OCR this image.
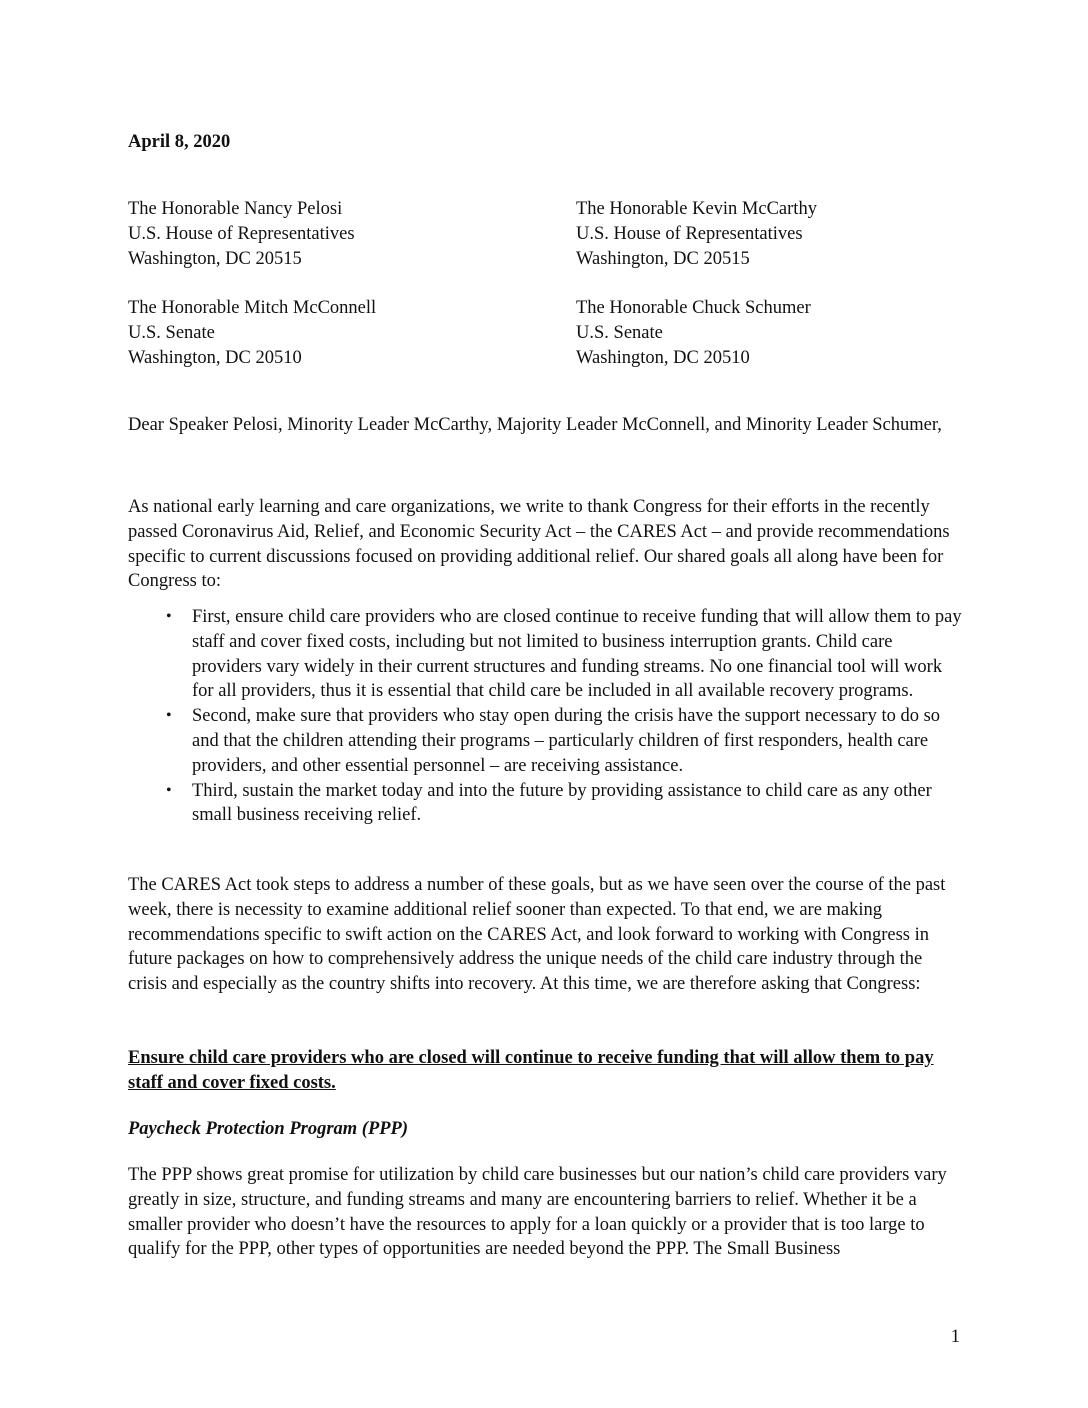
April 8, 2020
The Honorable Nancy Pelosi
U.S. House of Representatives
Washington, DC 20515
The Honorable Kevin McCarthy
U.S. House of Representatives
Washington, DC 20515
The Honorable Mitch McConnell
U.S. Senate
Washington, DC 20510
The Honorable Chuck Schumer
U.S. Senate
Washington, DC 20510
Dear Speaker Pelosi, Minority Leader McCarthy, Majority Leader McConnell, and Minority Leader Schumer,
As national early learning and care organizations, we write to thank Congress for their efforts in the recently passed Coronavirus Aid, Relief, and Economic Security Act – the CARES Act – and provide recommendations specific to current discussions focused on providing additional relief. Our shared goals all along have been for Congress to:
• First, ensure child care providers who are closed continue to receive funding that will allow them to pay staff and cover fixed costs, including but not limited to business interruption grants. Child care providers vary widely in their current structures and funding streams. No one financial tool will work for all providers, thus it is essential that child care be included in all available recovery programs.
• Second, make sure that providers who stay open during the crisis have the support necessary to do so and that the children attending their programs – particularly children of first responders, health care providers, and other essential personnel – are receiving assistance.
• Third, sustain the market today and into the future by providing assistance to child care as any other small business receiving relief.
The CARES Act took steps to address a number of these goals, but as we have seen over the course of the past week, there is necessity to examine additional relief sooner than expected. To that end, we are making recommendations specific to swift action on the CARES Act, and look forward to working with Congress in future packages on how to comprehensively address the unique needs of the child care industry through the crisis and especially as the country shifts into recovery. At this time, we are therefore asking that Congress:
Ensure child care providers who are closed will continue to receive funding that will allow them to pay staff and cover fixed costs.
Paycheck Protection Program (PPP)
The PPP shows great promise for utilization by child care businesses but our nation’s child care providers vary greatly in size, structure, and funding streams and many are encountering barriers to relief. Whether it be a smaller provider who doesn’t have the resources to apply for a loan quickly or a provider that is too large to qualify for the PPP, other types of opportunities are needed beyond the PPP. The Small Business
1
